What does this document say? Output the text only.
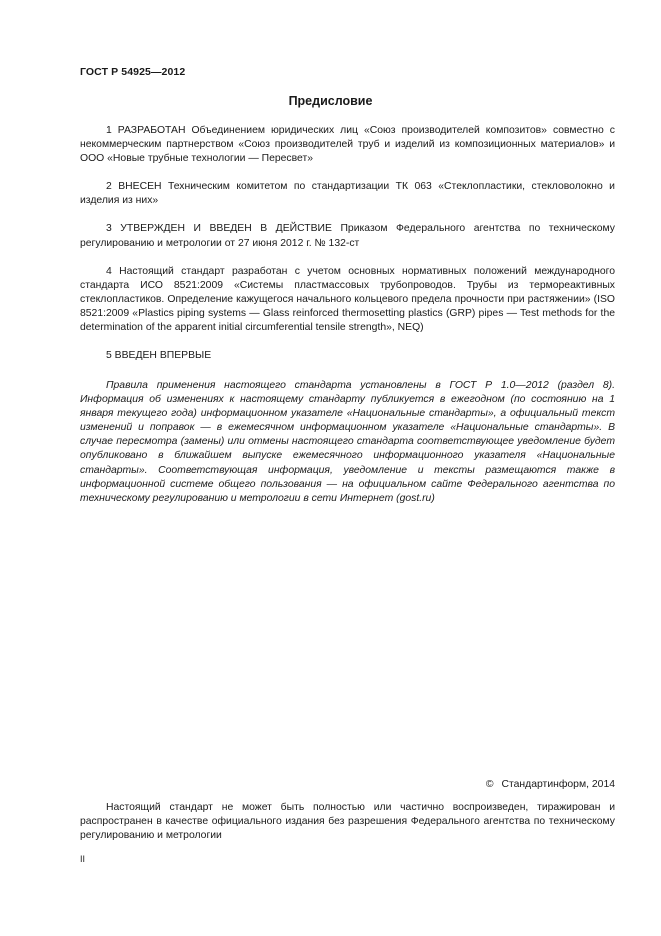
ГОСТ Р 54925—2012
Предисловие

1 РАЗРАБОТАН Объединением юридических лиц «Союз производителей композитов» совместно с некоммерческим партнерством «Союз производителей труб и изделий из композиционных материалов» и ООО «Новые трубные технологии — Пересвет»

2 ВНЕСЕН Техническим комитетом по стандартизации ТК 063 «Стеклопластики, стекловолокно и изделия из них»

3 УТВЕРЖДЕН И ВВЕДЕН В ДЕЙСТВИЕ Приказом Федерального агентства по техническому регулированию и метрологии от 27 июня 2012 г. № 132-ст

4 Настоящий стандарт разработан с учетом основных нормативных положений международного стандарта ИСО 8521:2009 «Системы пластмассовых трубопроводов. Трубы из термореактивных стеклопластиков. Определение кажущегося начального кольцевого предела прочности при растяжении» (ISO 8521:2009 «Plastics piping systems — Glass reinforced thermosetting plastics (GRP) pipes — Test methods for the determination of the apparent initial circumferential tensile strength», NEQ)

5 ВВЕДЕН ВПЕРВЫЕ

Правила применения настоящего стандарта установлены в ГОСТ Р 1.0—2012 (раздел 8). Информация об изменениях к настоящему стандарту публикуется в ежегодном (по состоянию на 1 января текущего года) информационном указателе «Национальные стандарты», а официальный текст изменений и поправок — в ежемесячном информационном указателе «Национальные стандарты». В случае пересмотра (замены) или отмены настоящего стандарта соответствующее уведомление будет опубликовано в ближайшем выпуске ежемесячного информационного указателя «Национальные стандарты». Соответствующая информация, уведомление и тексты размещаются также в информационной системе общего пользования — на официальном сайте Федерального агентства по техническому регулированию и метрологии в сети Интернет (gost.ru)

© Стандартинформ, 2014

Настоящий стандарт не может быть полностью или частично воспроизведен, тиражирован и распространен в качестве официального издания без разрешения Федерального агентства по техническому регулированию и метрологии

II
